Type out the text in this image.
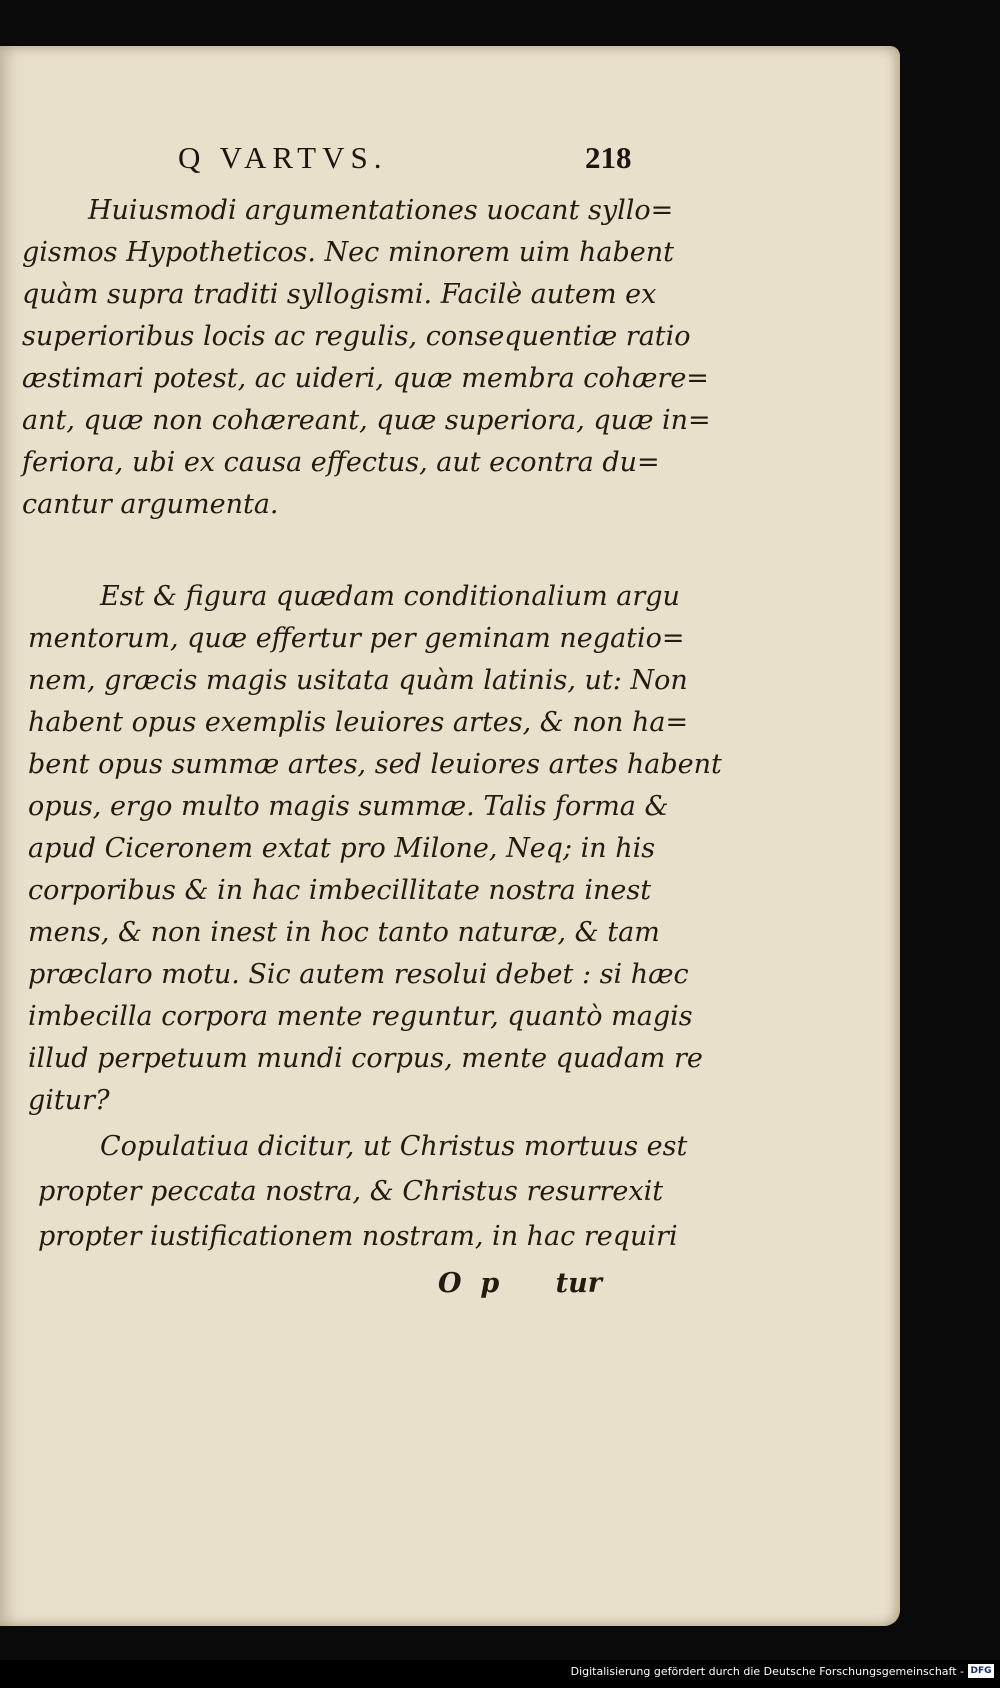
Q VARTVS.	218
Huiusmodi argumentationes uocant syllo=
gismos Hypotheticos. Nec minorem uim habent
quàm supra traditi syllogismi. Facilè autem ex
superioribus locis ac regulis, consequentiæ ratio
æstimari potest, ac uideri, quæ membra cohære=
ant, quæ non cohæreant, quæ superiora, quæ in=
feriora, ubi ex causa effectus, aut econtra du=
cantur argumenta.
Est & figura quædam conditionalium argu
mentorum, quæ effertur per geminam negatio=
nem, græcis magis usitata quàm latinis, ut: Non
habent opus exemplis leuiores artes, & non ha=
bent opus summæ artes, sed leuiores artes habent
opus, ergo multo magis summæ. Talis forma &
apud Ciceronem extat pro Milone, Neq; in his
corporibus & in hac imbecillitate nostra inest
mens, & non inest in hoc tanto naturæ, & tam
præclaro motu. Sic autem resolui debet : si hæc
imbecilla corpora mente reguntur, quantò magis
illud perpetuum mundi corpus, mente quadam re
gitur?
Copulatiua dicitur, ut Christus mortuus est
propter peccata nostra, & Christus resurrexit
propter iustificationem nostram, in hac requiri
O  p      tur
Digitalisierung gefördert durch die Deutsche Forschungsgemeinschaft - DFG
